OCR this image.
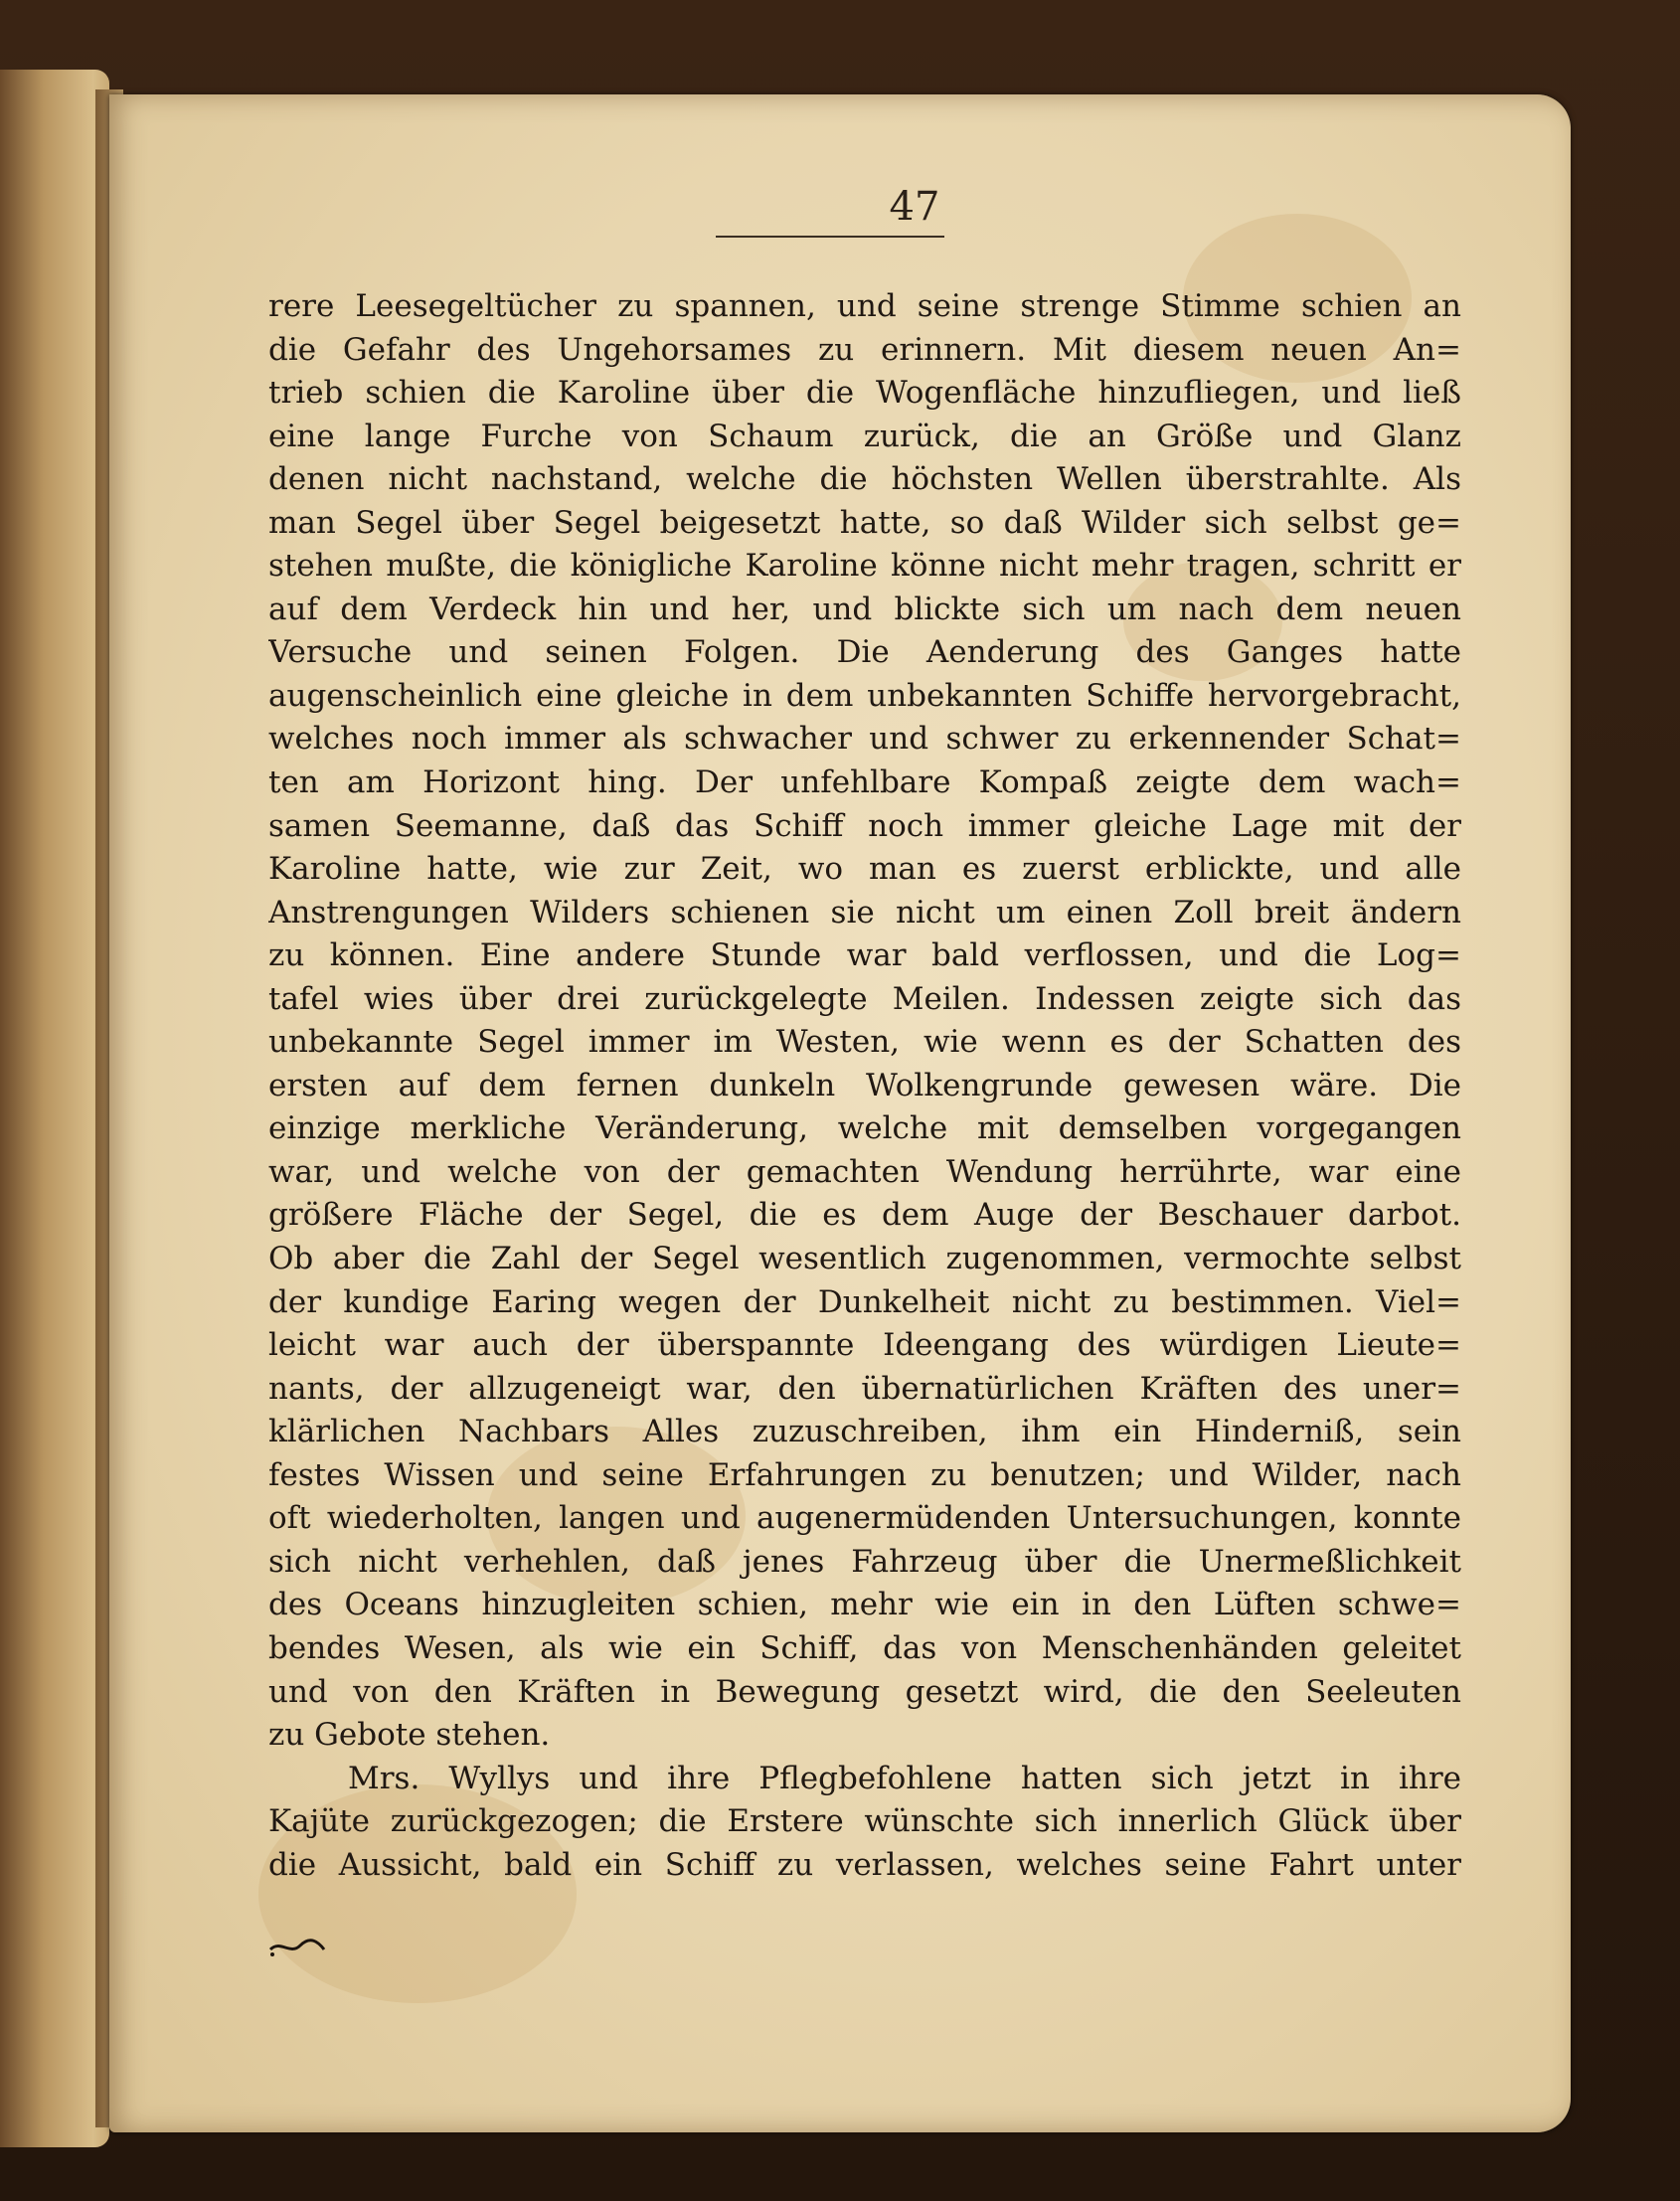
47
rere Leesegeltücher zu spannen, und seine strenge Stimme schien an
die Gefahr des Ungehorsames zu erinnern. Mit diesem neuen An=
trieb schien die Karoline über die Wogenfläche hinzufliegen, und ließ
eine lange Furche von Schaum zurück, die an Größe und Glanz
denen nicht nachstand, welche die höchsten Wellen überstrahlte. Als
man Segel über Segel beigesetzt hatte, so daß Wilder sich selbst ge=
stehen mußte, die königliche Karoline könne nicht mehr tragen, schritt er
auf dem Verdeck hin und her, und blickte sich um nach dem neuen
Versuche und seinen Folgen. Die Aenderung des Ganges hatte
augenscheinlich eine gleiche in dem unbekannten Schiffe hervorgebracht,
welches noch immer als schwacher und schwer zu erkennender Schat=
ten am Horizont hing. Der unfehlbare Kompaß zeigte dem wach=
samen Seemanne, daß das Schiff noch immer gleiche Lage mit der
Karoline hatte, wie zur Zeit, wo man es zuerst erblickte, und alle
Anstrengungen Wilders schienen sie nicht um einen Zoll breit ändern
zu können. Eine andere Stunde war bald verflossen, und die Log=
tafel wies über drei zurückgelegte Meilen. Indessen zeigte sich das
unbekannte Segel immer im Westen, wie wenn es der Schatten des
ersten auf dem fernen dunkeln Wolkengrunde gewesen wäre. Die
einzige merkliche Veränderung, welche mit demselben vorgegangen
war, und welche von der gemachten Wendung herrührte, war eine
größere Fläche der Segel, die es dem Auge der Beschauer darbot.
Ob aber die Zahl der Segel wesentlich zugenommen, vermochte selbst
der kundige Earing wegen der Dunkelheit nicht zu bestimmen. Viel=
leicht war auch der überspannte Ideengang des würdigen Lieute=
nants, der allzugeneigt war, den übernatürlichen Kräften des uner=
klärlichen Nachbars Alles zuzuschreiben, ihm ein Hinderniß, sein
festes Wissen und seine Erfahrungen zu benutzen; und Wilder, nach
oft wiederholten, langen und augenermüdenden Untersuchungen, konnte
sich nicht verhehlen, daß jenes Fahrzeug über die Unermeßlichkeit
des Oceans hinzugleiten schien, mehr wie ein in den Lüften schwe=
bendes Wesen, als wie ein Schiff, das von Menschenhänden geleitet
und von den Kräften in Bewegung gesetzt wird, die den Seeleuten
zu Gebote stehen.
Mrs. Wyllys und ihre Pflegbefohlene hatten sich jetzt in ihre
Kajüte zurückgezogen; die Erstere wünschte sich innerlich Glück über
die Aussicht, bald ein Schiff zu verlassen, welches seine Fahrt unter
